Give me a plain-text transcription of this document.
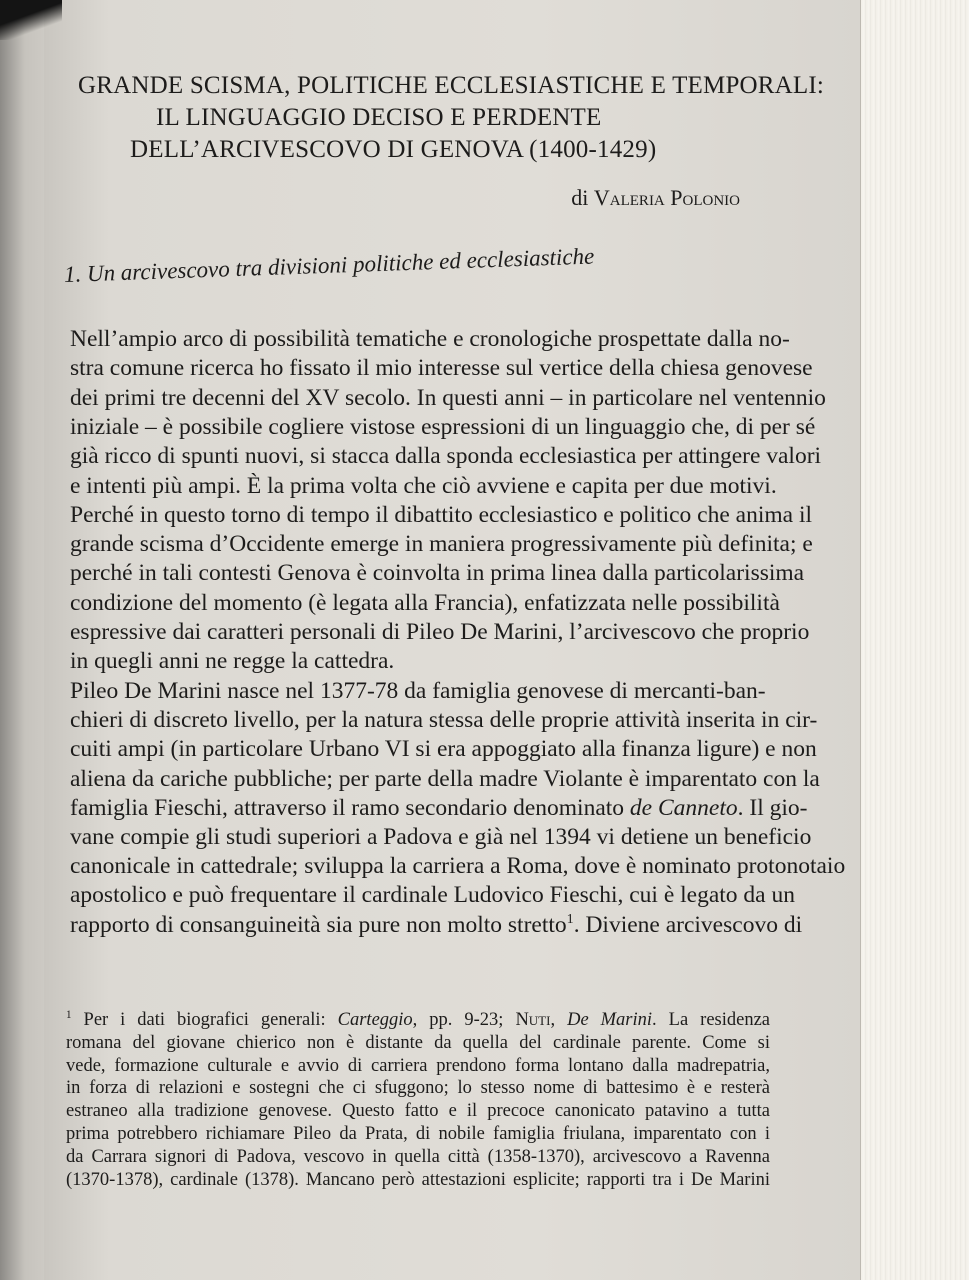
GRANDE SCISMA, POLITICHE ECCLESIASTICHE E TEMPORALI:
IL LINGUAGGIO DECISO E PERDENTE
DELL’ARCIVESCOVO DI GENOVA (1400-1429)
di Valeria Polonio
1. Un arcivescovo tra divisioni politiche ed ecclesiastiche
Nell’ampio arco di possibilità tematiche e cronologiche prospettate dalla no-
stra comune ricerca ho fissato il mio interesse sul vertice della chiesa genovese
dei primi tre decenni del XV secolo. In questi anni – in particolare nel ventennio
iniziale – è possibile cogliere vistose espressioni di un linguaggio che, di per sé
già ricco di spunti nuovi, si stacca dalla sponda ecclesiastica per attingere valori
e intenti più ampi. È la prima volta che ciò avviene e capita per due motivi.
Perché in questo torno di tempo il dibattito ecclesiastico e politico che anima il
grande scisma d’Occidente emerge in maniera progressivamente più definita; e
perché in tali contesti Genova è coinvolta in prima linea dalla particolarissima
condizione del momento (è legata alla Francia), enfatizzata nelle possibilità
espressive dai caratteri personali di Pileo De Marini, l’arcivescovo che proprio
in quegli anni ne regge la cattedra.
Pileo De Marini nasce nel 1377-78 da famiglia genovese di mercanti-ban-
chieri di discreto livello, per la natura stessa delle proprie attività inserita in cir-
cuiti ampi (in particolare Urbano VI si era appoggiato alla finanza ligure) e non
aliena da cariche pubbliche; per parte della madre Violante è imparentato con la
famiglia Fieschi, attraverso il ramo secondario denominato de Canneto. Il gio-
vane compie gli studi superiori a Padova e già nel 1394 vi detiene un beneficio
canonicale in cattedrale; sviluppa la carriera a Roma, dove è nominato protonotaio
apostolico e può frequentare il cardinale Ludovico Fieschi, cui è legato da un
rapporto di consanguineità sia pure non molto stretto$^1$. Diviene arcivescovo di
$^1$ Per i dati biografici generali: Carteggio, pp. 9-23; Nuti, De Marini. La residenza
romana del giovane chierico non è distante da quella del cardinale parente. Come si
vede, formazione culturale e avvio di carriera prendono forma lontano dalla madrepatria,
in forza di relazioni e sostegni che ci sfuggono; lo stesso nome di battesimo è e resterà
estraneo alla tradizione genovese. Questo fatto e il precoce canonicato patavino a tutta
prima potrebbero richiamare Pileo da Prata, di nobile famiglia friulana, imparentato con i
da Carrara signori di Padova, vescovo in quella città (1358-1370), arcivescovo a Ravenna
(1370-1378), cardinale (1378). Mancano però attestazioni esplicite; rapporti tra i De Marini
